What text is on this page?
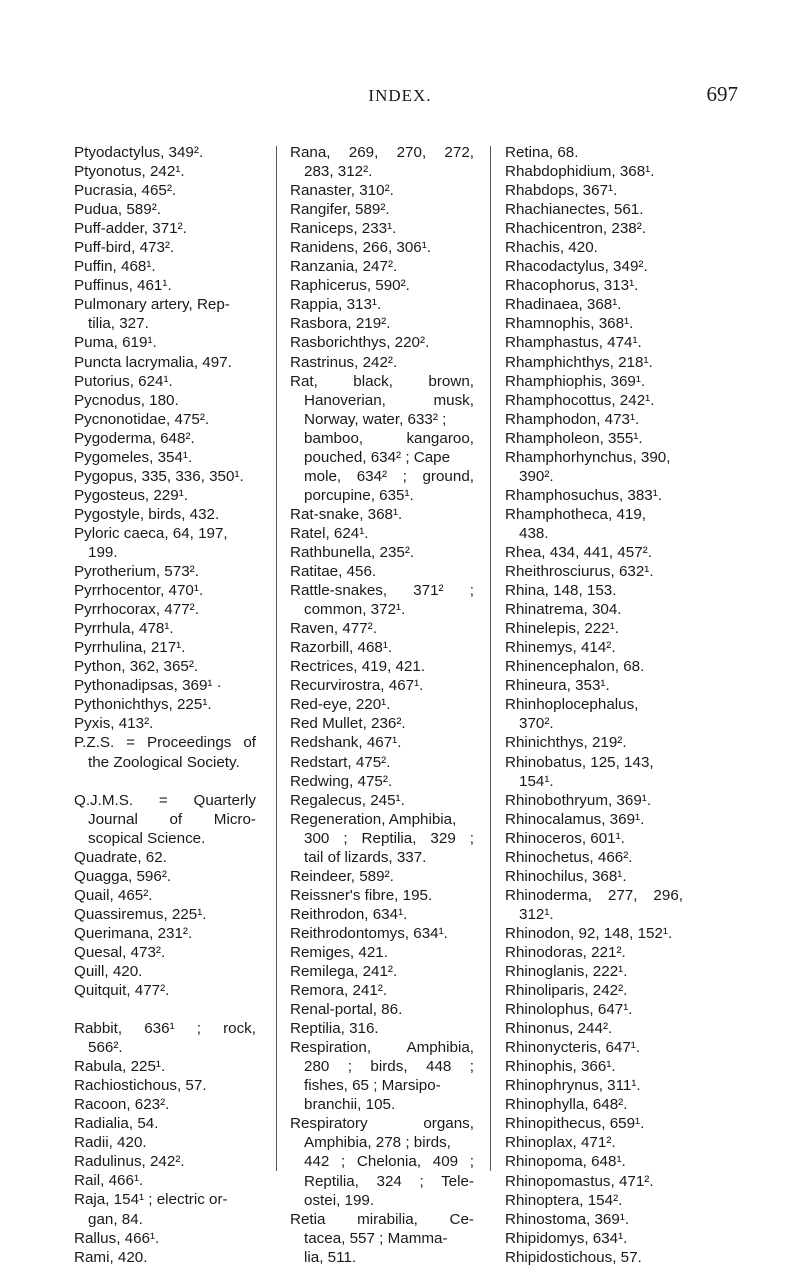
INDEX.	697
Ptyodactylus, 349².
Ptyonotus, 242¹.
Pucrasia, 465².
Pudua, 589².
Puff-adder, 371².
Puff-bird, 473².
Puffin, 468¹.
Puffinus, 461¹.
Pulmonary artery, Rep-
tilia, 327.
Puma, 619¹.
Puncta lacrymalia, 497.
Putorius, 624¹.
Pycnodus, 180.
Pycnonotidae, 475².
Pygoderma, 648².
Pygomeles, 354¹.
Pygopus, 335, 336, 350¹.
Pygosteus, 229¹.
Pygostyle, birds, 432.
Pyloric caeca, 64, 197,
199.
Pyrotherium, 573².
Pyrrhocentor, 470¹.
Pyrrhocorax, 477².
Pyrrhula, 478¹.
Pyrrhulina, 217¹.
Python, 362, 365².
Pythonadipsas, 369¹ ·
Pythonichthys, 225¹.
Pyxis, 413².
P.Z.S. = Proceedings of
the Zoological Society.
Q.J.M.S. = Quarterly
Journal of Micro-
scopical Science.
Quadrate, 62.
Quagga, 596².
Quail, 465².
Quassiremus, 225¹.
Querimana, 231².
Quesal, 473².
Quill, 420.
Quitquit, 477².
Rabbit, 636¹ ; rock,
566².
Rabula, 225¹.
Rachiostichous, 57.
Racoon, 623².
Radialia, 54.
Radii, 420.
Radulinus, 242².
Rail, 466¹.
Raja, 154¹ ; electric or-
gan, 84.
Rallus, 466¹.
Rami, 420.
Rana, 269, 270, 272,
283, 312².
Ranaster, 310².
Rangifer, 589².
Raniceps, 233¹.
Ranidens, 266, 306¹.
Ranzania, 247².
Raphicerus, 590².
Rappia, 313¹.
Rasbora, 219².
Rasborichthys, 220².
Rastrinus, 242².
Rat, black, brown,
Hanoverian, musk,
Norway, water, 633² ;
bamboo, kangaroo,
pouched, 634² ; Cape
mole, 634² ; ground,
porcupine, 635¹.
Rat-snake, 368¹.
Ratel, 624¹.
Rathbunella, 235².
Ratitae, 456.
Rattle-snakes, 371² ;
common, 372¹.
Raven, 477².
Razorbill, 468¹.
Rectrices, 419, 421.
Recurvirostra, 467¹.
Red-eye, 220¹.
Red Mullet, 236².
Redshank, 467¹.
Redstart, 475².
Redwing, 475².
Regalecus, 245¹.
Regeneration, Amphibia,
300 ; Reptilia, 329 ;
tail of lizards, 337.
Reindeer, 589².
Reissner's fibre, 195.
Reithrodon, 634¹.
Reithrodontomys, 634¹.
Remiges, 421.
Remilega, 241².
Remora, 241².
Renal-portal, 86.
Reptilia, 316.
Respiration, Amphibia,
280 ; birds, 448 ;
fishes, 65 ; Marsipo-
branchii, 105.
Respiratory organs,
Amphibia, 278 ; birds,
442 ; Chelonia, 409 ;
Reptilia, 324 ; Tele-
ostei, 199.
Retia mirabilia, Ce-
tacea, 557 ; Mamma-
lia, 511.
Retina, 68.
Rhabdophidium, 368¹.
Rhabdops, 367¹.
Rhachianectes, 561.
Rhachicentron, 238².
Rhachis, 420.
Rhacodactylus, 349².
Rhacophorus, 313¹.
Rhadinaea, 368¹.
Rhamnophis, 368¹.
Rhamphastus, 474¹.
Rhamphichthys, 218¹.
Rhamphiophis, 369¹.
Rhamphocottus, 242¹.
Rhamphodon, 473¹.
Rhampholeon, 355¹.
Rhamphorhynchus, 390,
390².
Rhamphosuchus, 383¹.
Rhamphotheca, 419,
438.
Rhea, 434, 441, 457².
Rheithrosciurus, 632¹.
Rhina, 148, 153.
Rhinatrema, 304.
Rhinelepis, 222¹.
Rhinemys, 414².
Rhinencephalon, 68.
Rhineura, 353¹.
Rhinhoplocephalus,
370².
Rhinichthys, 219².
Rhinobatus, 125, 143,
154¹.
Rhinobothryum, 369¹.
Rhinocalamus, 369¹.
Rhinoceros, 601¹.
Rhinochetus, 466².
Rhinochilus, 368¹.
Rhinoderma, 277, 296,
312¹.
Rhinodon, 92, 148, 152¹.
Rhinodoras, 221².
Rhinoglanis, 222¹.
Rhinoliparis, 242².
Rhinolophus, 647¹.
Rhinonus, 244².
Rhinonycteris, 647¹.
Rhinophis, 366¹.
Rhinophrynus, 311¹.
Rhinophylla, 648².
Rhinopithecus, 659¹.
Rhinoplax, 471².
Rhinopoma, 648¹.
Rhinopomastus, 471².
Rhinoptera, 154².
Rhinostoma, 369¹.
Rhipidomys, 634¹.
Rhipidostichous, 57.
